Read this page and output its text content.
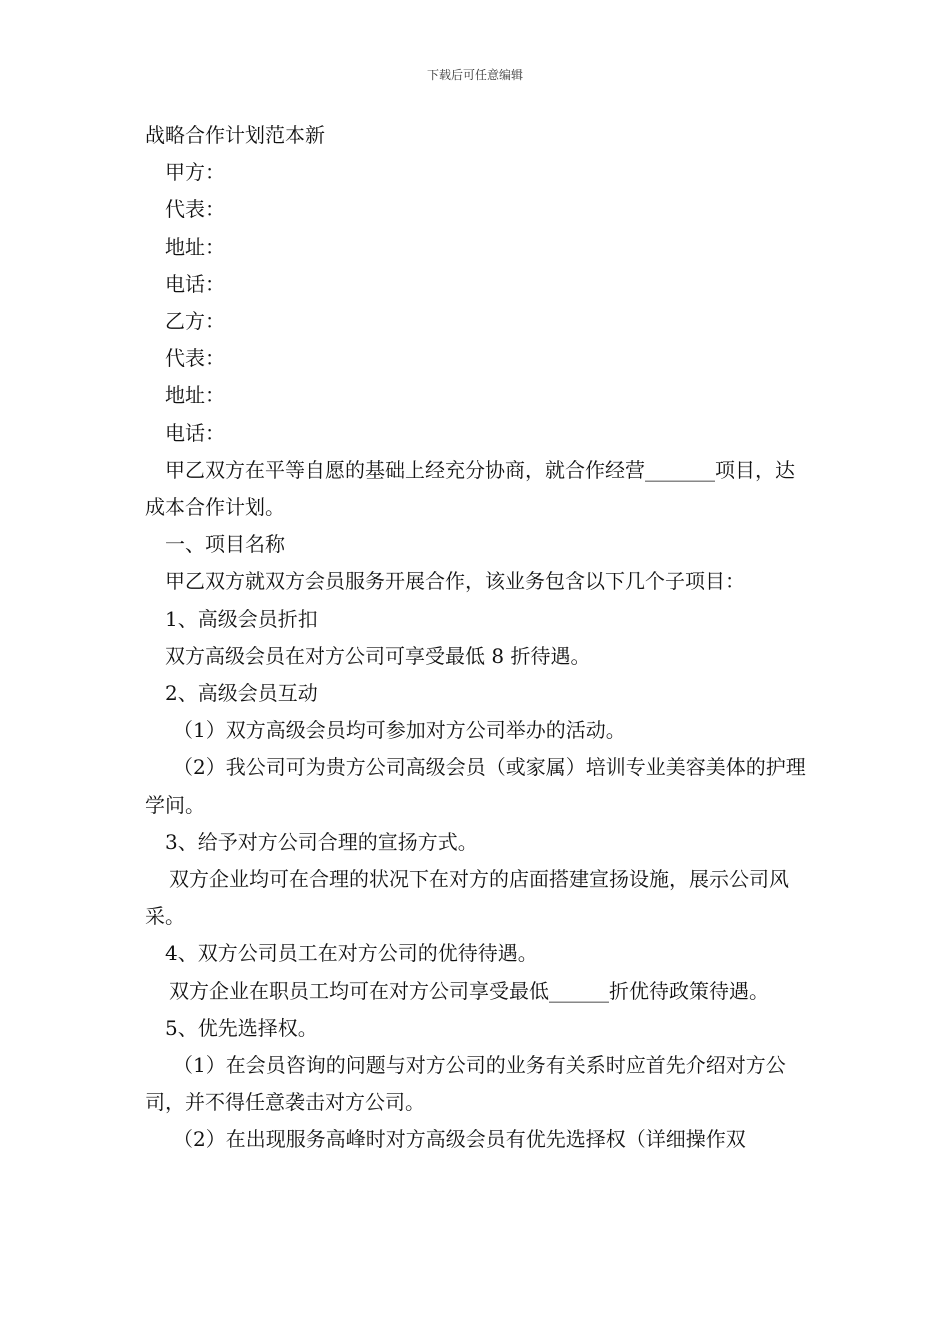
下载后可任意编辑

战略合作计划范本新

甲方：

代表：

地址：

电话：

乙方：

代表：

地址：

电话：

甲乙双方在平等自愿的基础上经充分协商，就合作经营_______项目，达成本合作计划。

一、项目名称

甲乙双方就双方会员服务开展合作，该业务包含以下几个子项目：

1、高级会员折扣

双方高级会员在对方公司可享受最低 8 折待遇。

2、高级会员互动

（1）双方高级会员均可参加对方公司举办的活动。

（2）我公司可为贵方公司高级会员（或家属）培训专业美容美体的护理学问。

3、给予对方公司合理的宣扬方式。

双方企业均可在合理的状况下在对方的店面搭建宣扬设施，展示公司风采。

4、双方公司员工在对方公司的优待待遇。

双方企业在职员工均可在对方公司享受最低______折优待政策待遇。

5、优先选择权。

（1）在会员咨询的问题与对方公司的业务有关系时应首先介绍对方公司，并不得任意袭击对方公司。

（2）在出现服务高峰时对方高级会员有优先选择权（详细操作双
